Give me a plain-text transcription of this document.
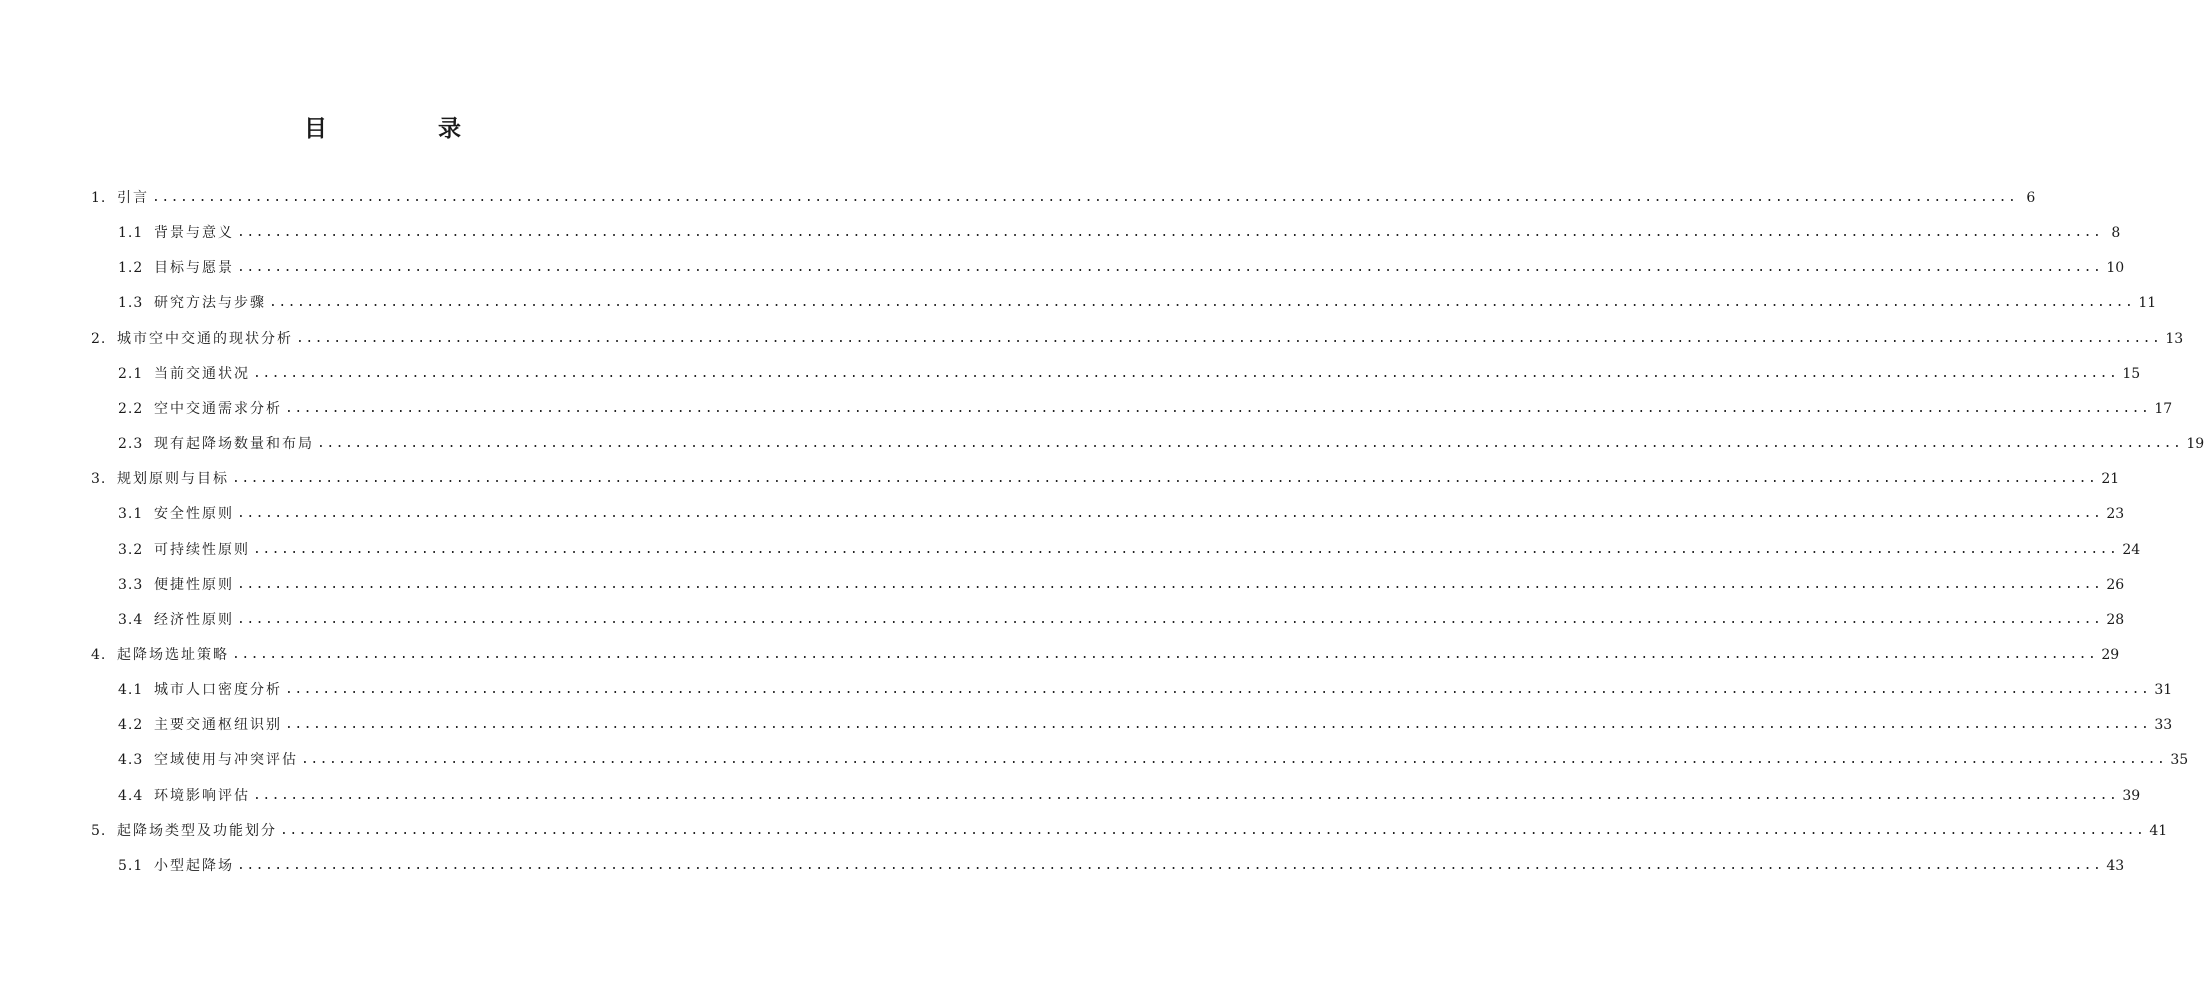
目　录
1. 引言 ........................................................................................................................................................................................................ 6
1.1 背景与意义 ........................................................................................................................................................................................................ 8
1.2 目标与愿景 ........................................................................................................................................................................................................ 10
1.3 研究方法与步骤 ........................................................................................................................................................................................................ 11
2. 城市空中交通的现状分析 ........................................................................................................................................................................................................ 13
2.1 当前交通状况 ........................................................................................................................................................................................................ 15
2.2 空中交通需求分析 ........................................................................................................................................................................................................ 17
2.3 现有起降场数量和布局 ........................................................................................................................................................................................................ 19
3. 规划原则与目标 ........................................................................................................................................................................................................ 21
3.1 安全性原则 ........................................................................................................................................................................................................ 23
3.2 可持续性原则 ........................................................................................................................................................................................................ 24
3.3 便捷性原则 ........................................................................................................................................................................................................ 26
3.4 经济性原则 ........................................................................................................................................................................................................ 28
4. 起降场选址策略 ........................................................................................................................................................................................................ 29
4.1 城市人口密度分析 ........................................................................................................................................................................................................ 31
4.2 主要交通枢纽识别 ........................................................................................................................................................................................................ 33
4.3 空域使用与冲突评估 ........................................................................................................................................................................................................ 35
4.4 环境影响评估 ........................................................................................................................................................................................................ 39
5. 起降场类型及功能划分 ........................................................................................................................................................................................................ 41
5.1 小型起降场 ........................................................................................................................................................................................................ 43
